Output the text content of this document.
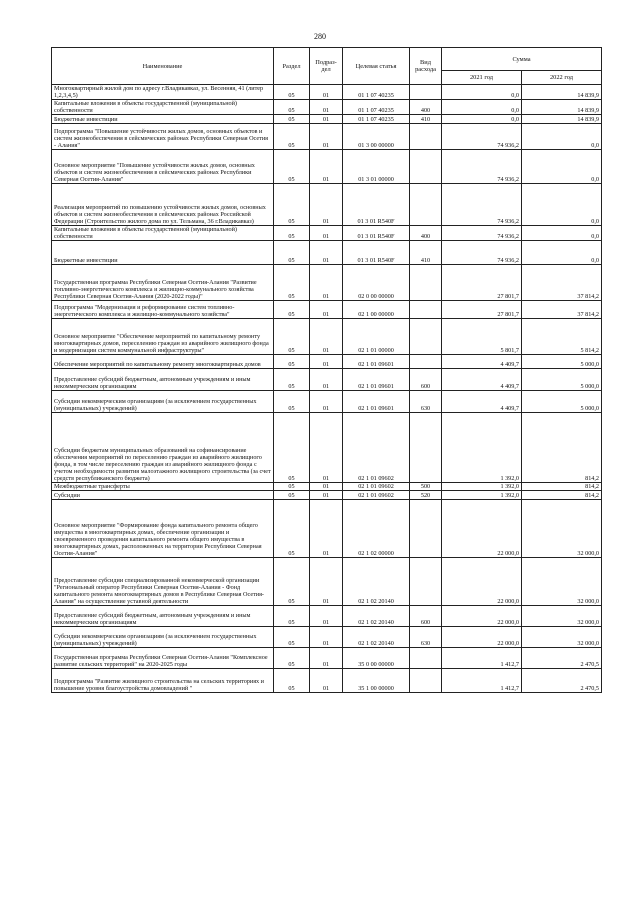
280
Наименование	Раздел	Подраз-
дел	Целевая статья	Вид расхода	Сумма	
					2021 год	2022 год
Многоквартирный жилой дом по адресу г.Владикавказ, ул. Весенняя, 41 (литер 1,2,3,4,5)	05	01	01 1 07 40235		0,0	14 839,9
Капитальные вложения в объекты государственной (муниципальной) собственности	05	01	01 1 07 40235	400	0,0	14 839,9
Бюджетные инвестиции	05	01	01 1 07 40235	410	0,0	14 839,9
Подпрограмма "Повышение устойчивости жилых домов, основных объектов и систем жизнеобеспечения в сейсмических районах Республики Северная Осетия - Алания"	05	01	01 3 00 00000		74 936,2	0,0
Основное мероприятие "Повышение устойчивости жилых домов, основных объектов и систем жизнеобеспечения в сейсмических районах Республики Северная Осетия-Алания"	05	01	01 3 01 00000		74 936,2	0,0
Реализация мероприятий по повышению устойчивости жилых домов, основных объектов и систем жизнеобеспечения в сейсмических районах Российской Федерации (Строительство жилого дома по ул. Тельмана, 36 г.Владикавказ)	05	01	01 3 01 R540F		74 936,2	0,0
Капитальные вложения в объекты государственной (муниципальной) собственности	05	01	01 3 01 R540F	400	74 936,2	0,0
Бюджетные инвестиции	05	01	01 3 01 R540F	410	74 936,2	0,0
Государственная программа Республики Северная Осетия-Алания "Развитие топливно-энергетического комплекса и жилищно-коммунального хозяйства Республики Северная Осетия-Алания (2020-2022 годы)"	05	01	02 0 00 00000		27 801,7	37 814,2
Подпрограмма "Модернизация и реформирование систем топливно-энергетического комплекса и жилищно-коммунального хозяйства"	05	01	02 1 00 00000		27 801,7	37 814,2
Основное мероприятие "Обеспечение мероприятий по капитальному ремонту многоквартирных домов, переселению граждан из аварийного жилищного фонда и модернизации систем коммунальной инфраструктуры"	05	01	02 1 01 00000		5 801,7	5 814,2
Обеспечение мероприятий по капитальному ремонту многоквартирных домов	05	01	02 1 01 09601		4 409,7	5 000,0
Предоставление субсидий бюджетным, автономным учреждениям и иным некоммерческим организациям	05	01	02 1 01 09601	600	4 409,7	5 000,0
Субсидии некоммерческим организациям (за исключением государственных (муниципальных) учреждений)	05	01	02 1 01 09601	630	4 409,7	5 000,0
Субсидии бюджетам муниципальных образований на софинансирование обеспечения мероприятий по переселению граждан из аварийного жилищного фонда, в том числе переселению граждан из аварийного жилищного фонда с учетом необходимости развития малоэтажного жилищного строительства (за счет средств республиканского бюджета)	05	01	02 1 01 09602		1 392,0	814,2
Межбюджетные трансферты	05	01	02 1 01 09602	500	1 392,0	814,2
Субсидии	05	01	02 1 01 09602	520	1 392,0	814,2
Основное мероприятие "Формирование фонда капитального ремонта общего имущества в многоквартирных домах, обеспечение организации и своевременного проведения капитального ремонта общего имущества в многоквартирных домах, расположенных на территории Республики Северная Осетия-Алания"	05	01	02 1 02 00000		22 000,0	32 000,0
Предоставление субсидии специализированной некоммерческой организации "Региональный оператор Республики Северная Осетия-Алания - Фонд капитального ремонта многоквартирных домов в Республике Северная Осетия-Алания" на осуществление уставной деятельности	05	01	02 1 02 20140		22 000,0	32 000,0
Предоставление субсидий бюджетным, автономным учреждениям и иным некоммерческим организациям	05	01	02 1 02 20140	600	22 000,0	32 000,0
Субсидии некоммерческим организациям (за исключением государственных (муниципальных) учреждений)	05	01	02 1 02 20140	630	22 000,0	32 000,0
Государственная программа Республики Северная Осетия-Алания "Комплексное развитие сельских территорий" на 2020-2025 годы	05	01	35 0 00 00000		1 412,7	2 470,5
Подпрограмма "Развитие жилищного строительства на сельских территориях и повышение уровня благоустройства домовладений "	05	01	35 1 00 00000		1 412,7	2 470,5
